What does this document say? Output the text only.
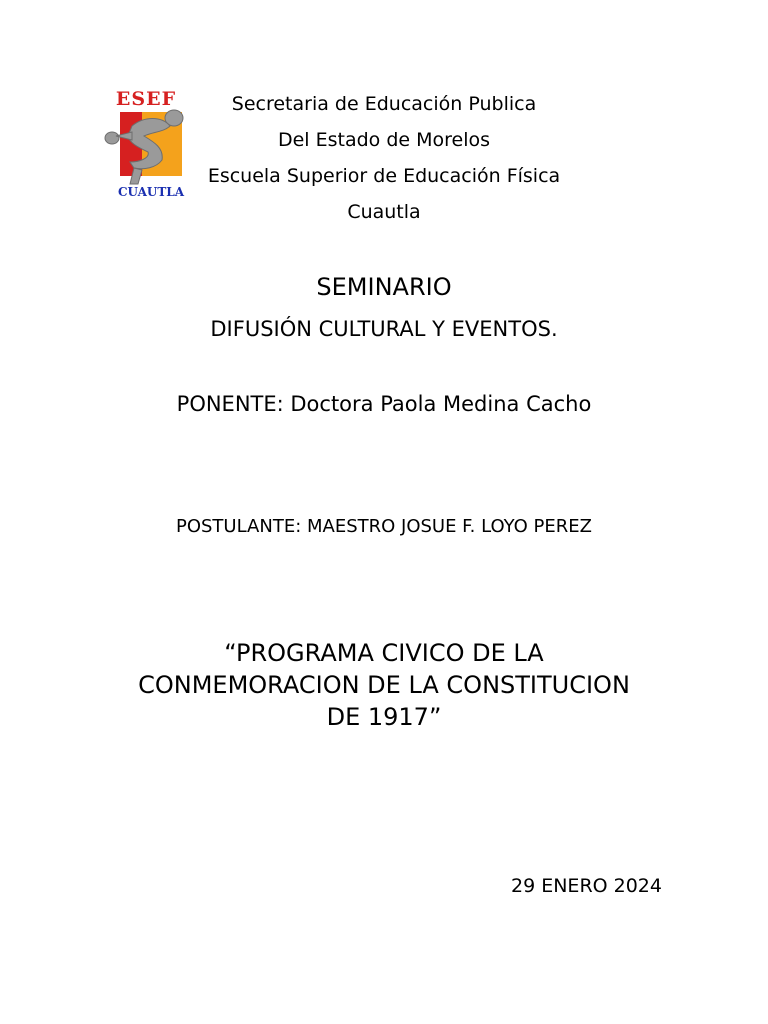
ESEF
CUAUTLA
Secretaria de Educación Publica
Del Estado de Morelos
Escuela Superior de Educación Física
Cuautla
SEMINARIO
DIFUSIÓN CULTURAL Y EVENTOS.
PONENTE: Doctora Paola Medina Cacho
POSTULANTE: MAESTRO JOSUE F. LOYO PEREZ
“PROGRAMA CIVICO DE LA
CONMEMORACION DE LA CONSTITUCION
DE 1917”
29 ENERO 2024
